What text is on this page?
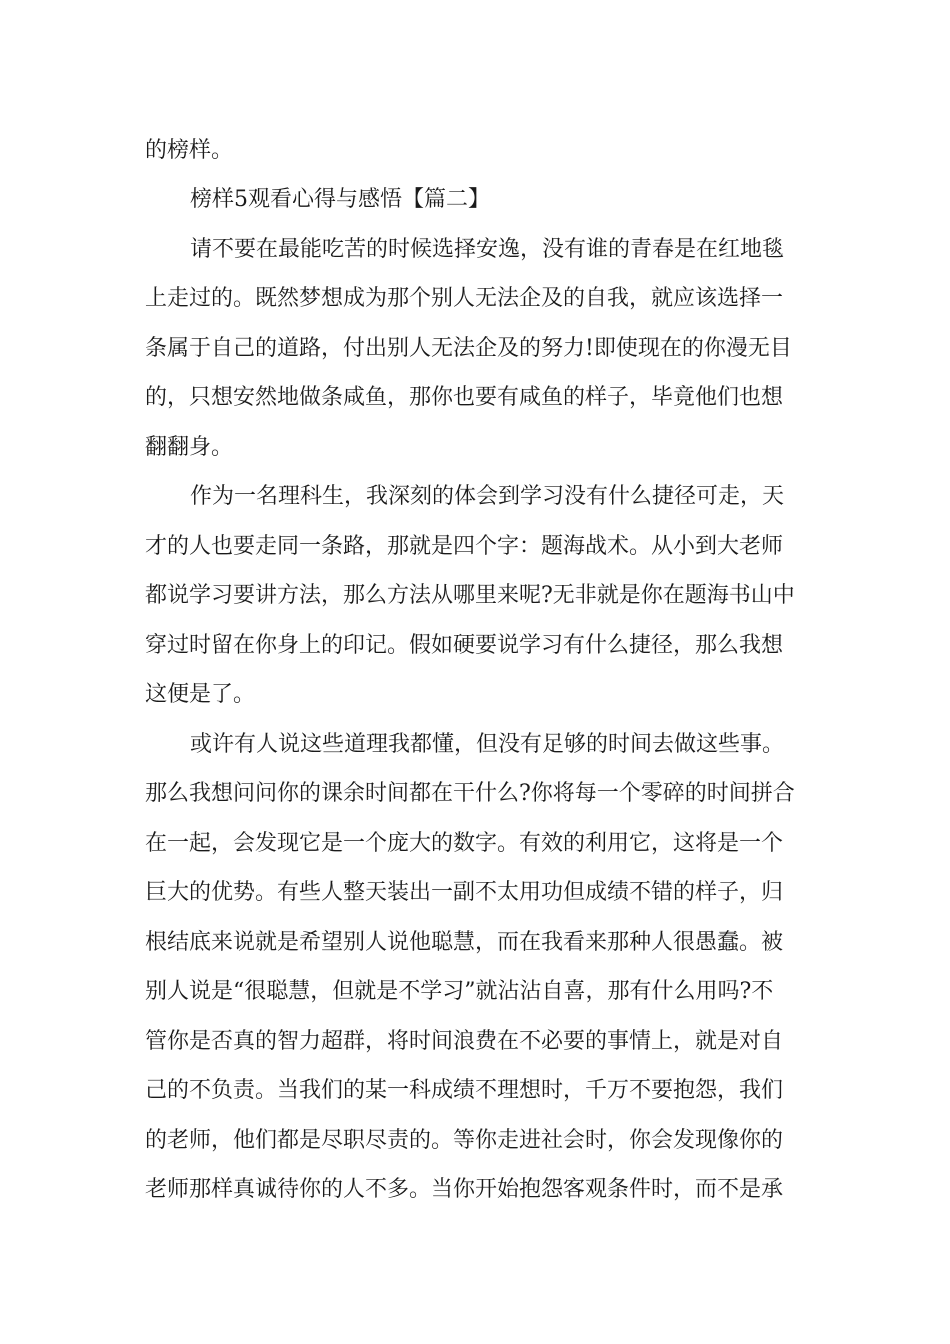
的榜样。
榜样5观看心得与感悟【篇二】
请不要在最能吃苦的时候选择安逸，没有谁的青春是在红地毯
上走过的。既然梦想成为那个别人无法企及的自我，就应该选择一
条属于自己的道路，付出别人无法企及的努力!即使现在的你漫无目
的，只想安然地做条咸鱼，那你也要有咸鱼的样子，毕竟他们也想
翻翻身。
作为一名理科生，我深刻的体会到学习没有什么捷径可走，天
才的人也要走同一条路，那就是四个字：题海战术。从小到大老师
都说学习要讲方法，那么方法从哪里来呢?无非就是你在题海书山中
穿过时留在你身上的印记。假如硬要说学习有什么捷径，那么我想
这便是了。
或许有人说这些道理我都懂，但没有足够的时间去做这些事。
那么我想问问你的课余时间都在干什么?你将每一个零碎的时间拼合
在一起，会发现它是一个庞大的数字。有效的利用它，这将是一个
巨大的优势。有些人整天装出一副不太用功但成绩不错的样子，归
根结底来说就是希望别人说他聪慧，而在我看来那种人很愚蠢。被
别人说是“很聪慧，但就是不学习”就沾沾自喜，那有什么用吗?不
管你是否真的智力超群，将时间浪费在不必要的事情上，就是对自
己的不负责。当我们的某一科成绩不理想时，千万不要抱怨，我们
的老师，他们都是尽职尽责的。等你走进社会时，你会发现像你的
老师那样真诚待你的人不多。当你开始抱怨客观条件时，而不是承
